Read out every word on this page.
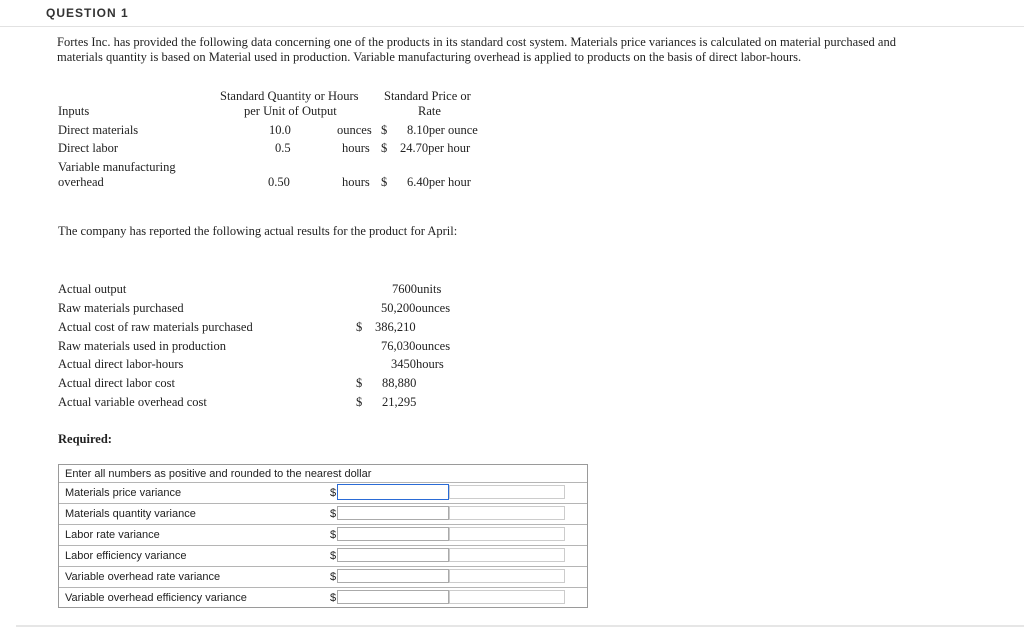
QUESTION 1

Fortes Inc. has provided the following data concerning one of the products in its standard cost system. Materials price variances is calculated on material purchased and

materials quantity is based on Material used in production. Variable manufacturing overhead is applied to products on the basis of direct labor-hours.

Standard Quantity or Hours
per Unit of Output
Standard Price or
Rate
Inputs
Direct materials	10.0	ounces $ 8.10per ounce
Direct labor	0.5	hours $ 24.70per hour
Variable manufacturing
overhead	0.50	hours $ 6.40per hour
The company has reported the following actual results for the product for April:
Actual output	7600units
Raw materials purchased	50,200ounces
Actual cost of raw materials purchased	$ 386,210
Raw materials used in production	76,030ounces
Actual direct labor-hours	3450hours
Actual direct labor cost	$ 88,880
Actual variable overhead cost	$ 21,295
Required:
Enter all numbers as positive and rounded to the nearest dollar
Materials price variance	$
Materials quantity variance	$
Labor rate variance	$
Labor efficiency variance	$
Variable overhead rate variance	$
Variable overhead efficiency variance	$
